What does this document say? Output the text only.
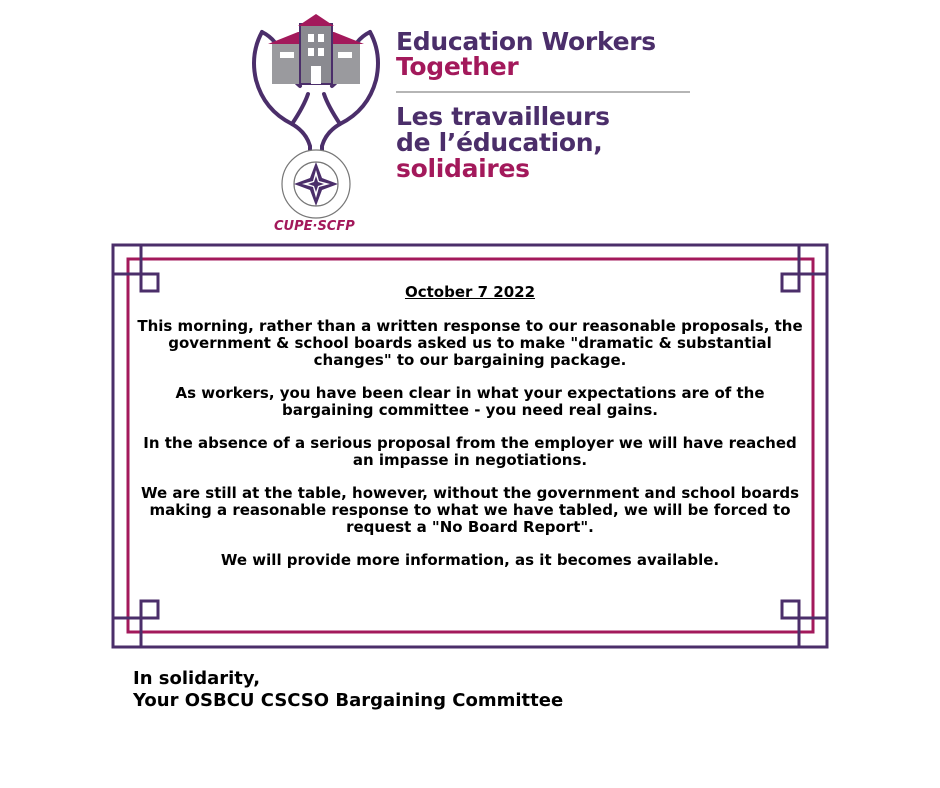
Education Workers
Together
Les travailleurs
de l’éducation,
solidaires
CUPE·SCFP
October 7 2022

This morning, rather than a written response to our reasonable proposals, the government & school boards asked us to make "dramatic & substantial changes" to our bargaining package.

As workers, you have been clear in what your expectations are of the bargaining committee - you need real gains.

In the absence of a serious proposal from the employer we will have reached an impasse in negotiations.

We are still at the table, however, without the government and school boards making a reasonable response to what we have tabled, we will be forced to request a "No Board Report".

We will provide more information, as it becomes available.

In solidarity,
Your OSBCU CSCSO Bargaining Committee
